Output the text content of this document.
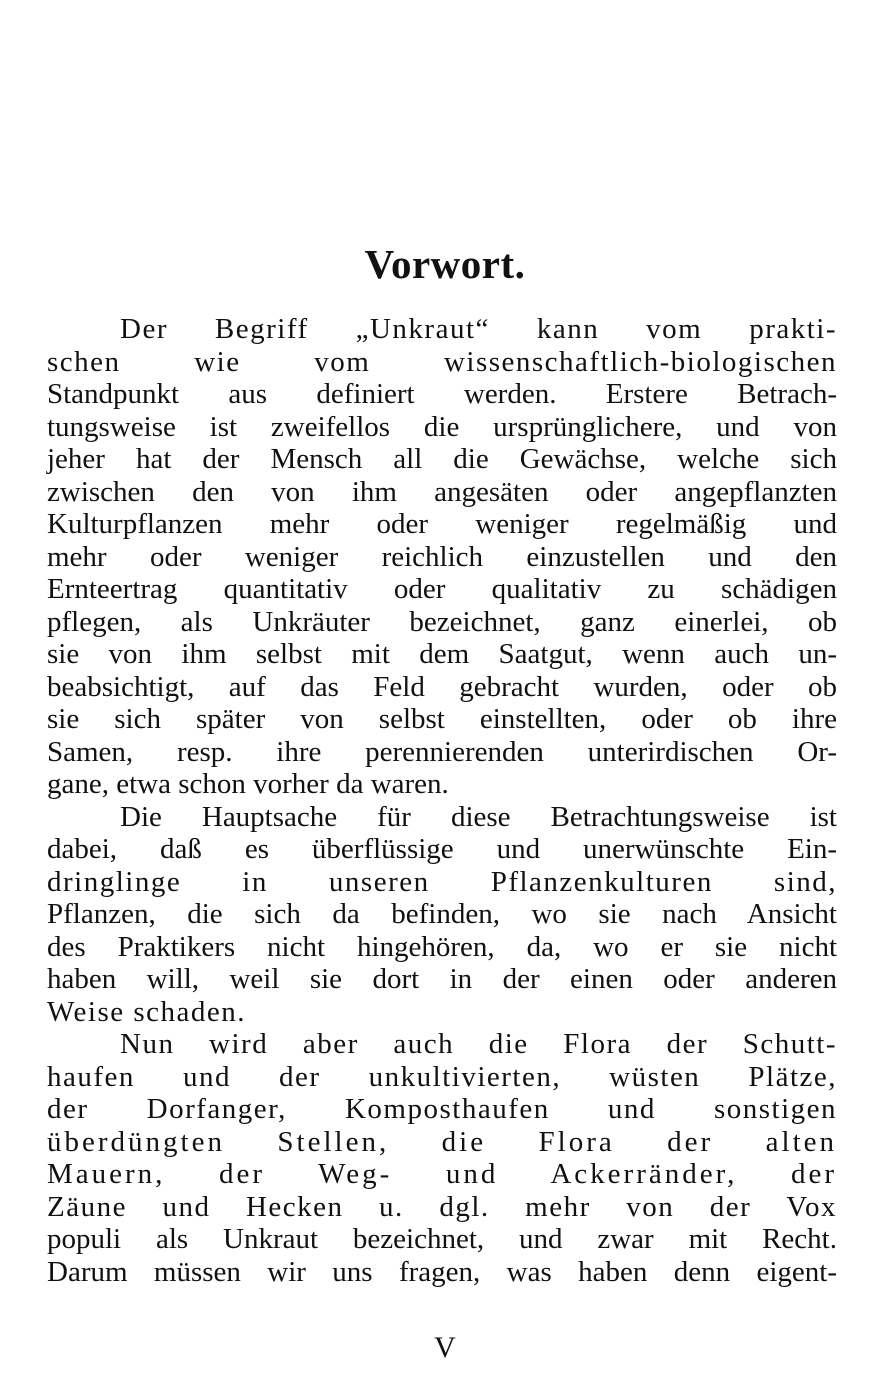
Vorwort.
Der Begriff „Unkraut“ kann vom prakti-
schen wie vom wissenschaftlich-biologischen
Standpunkt aus definiert werden. Erstere Betrach-
tungsweise ist zweifellos die ursprünglichere, und von
jeher hat der Mensch all die Gewächse, welche sich
zwischen den von ihm angesäten oder angepflanzten
Kulturpflanzen mehr oder weniger regelmäßig und
mehr oder weniger reichlich einzustellen und den
Ernteertrag quantitativ oder qualitativ zu schädigen
pflegen, als Unkräuter bezeichnet, ganz einerlei, ob
sie von ihm selbst mit dem Saatgut, wenn auch un-
beabsichtigt, auf das Feld gebracht wurden, oder ob
sie sich später von selbst einstellten, oder ob ihre
Samen, resp. ihre perennierenden unterirdischen Or-
gane, etwa schon vorher da waren.
Die Hauptsache für diese Betrachtungsweise ist
dabei, daß es überflüssige und unerwünschte Ein-
dringlinge in unseren Pflanzenkulturen sind,
Pflanzen, die sich da befinden, wo sie nach Ansicht
des Praktikers nicht hingehören, da, wo er sie nicht
haben will, weil sie dort in der einen oder anderen
Weise schaden.
Nun wird aber auch die Flora der Schutt-
haufen und der unkultivierten, wüsten Plätze,
der Dorfanger, Komposthaufen und sonstigen
überdüngten Stellen, die Flora der alten
Mauern, der Weg- und Ackerränder, der
Zäune und Hecken u. dgl. mehr von der Vox
populi als Unkraut bezeichnet, und zwar mit Recht.
Darum müssen wir uns fragen, was haben denn eigent-
V
